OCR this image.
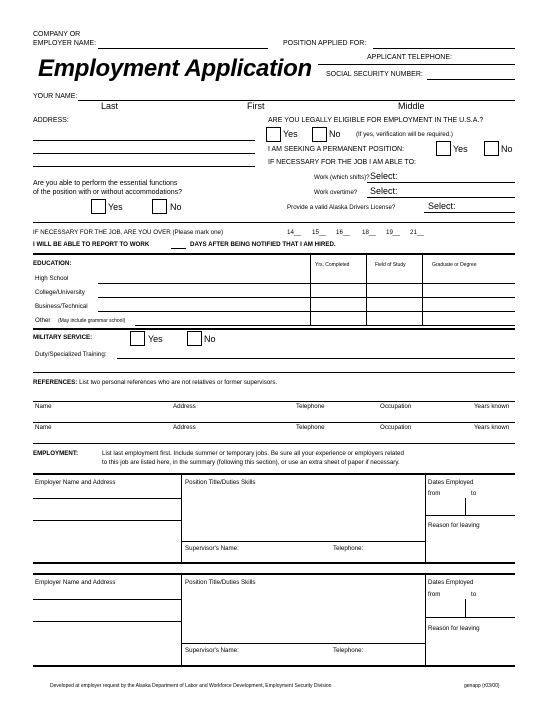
COMPANY OR
EMPLOYER NAME:	POSITION APPLIED FOR:
Employment Application	APPLICANT TELEPHONE:
SOCIAL SECURITY NUMBER:
YOUR NAME:
Last	First	Middle
ADDRESS:	ARE YOU LEGALLY ELIGIBLE FOR EMPLOYMENT IN THE U.S.A.?
Yes	No (If yes, verification will be required.)
I AM SEEKING A PERMANENT POSITION:	Yes	No
IF NECESSARY FOR THE JOB I AM ABLE TO:
Work (which shifts)? Select:
Work overtime? Select:
Provide a valid Alaska Drivers License?	Select:
Are you able to perform the essential functions
of the position with or without accommodations?
Yes	No
IF NECESSARY FOR THE JOB, ARE YOU OVER (Please mark one)	14__ 15__ 16__ 18__ 19__ 21__
I WILL BE ABLE TO REPORT TO WORK	DAYS AFTER BEING NOTIFIED THAT I AM HIRED.
EDUCATION:	Yrs. Completed	Field of Study	Graduate or Degree
High School
College/University
Business/Technical
Other (May include grammar school)
MILITARY SERVICE:	Yes	No
Duty/Specialized Training:
REFERENCES: List two personal references who are not relatives or former supervisors.
Name	Address	Telephone	Occupation	Years known
Name	Address	Telephone	Occupation	Years known
EMPLOYMENT:	List last employment first. Include summer or temporary jobs. Be sure all your experience or employers related
to this job are listed here, in the summary (following this section), or use an extra sheet of paper if necessary.
Employer Name and Address	Position Title/Duties Skills	Dates Employed
from	to
Reason for leaving
Supervisor's Name:	Telephone:
Employer Name and Address	Position Title/Duties Skills	Dates Employed
from	to
Reason for leaving
Supervisor's Name:	Telephone:
Developed at employer request by the Alaska Department of Labor and Workforce Development, Employment Security Division	genapp (r03/00)
